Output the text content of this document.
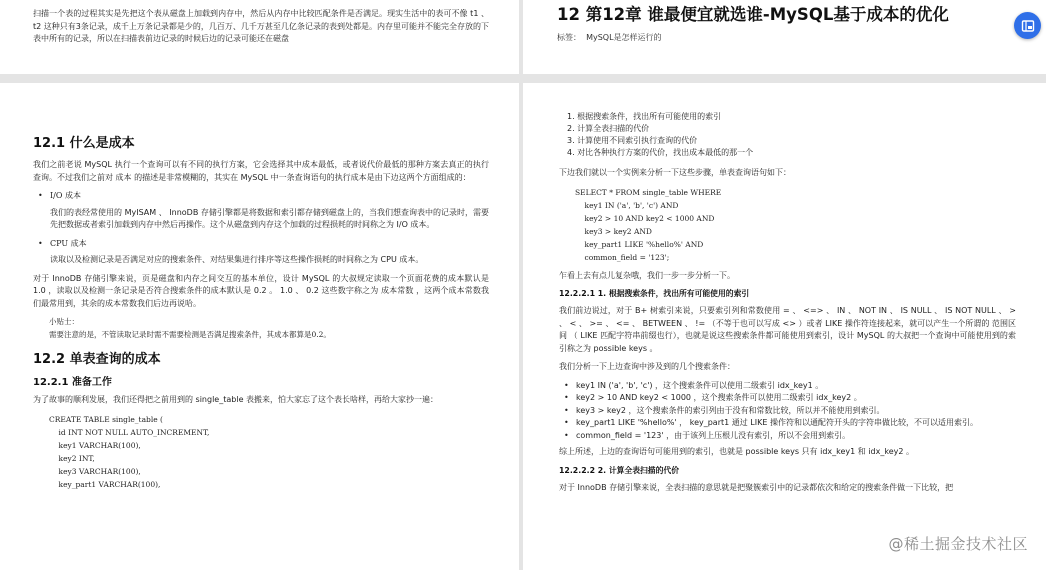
扫描一个表的过程其实是先把这个表从磁盘上加载到内存中，然后从内存中比较匹配条件是否满足。现实生活中的表可不像 t1 、 t2 这种只有3条记录，成千上万条记录都是少的，几百万、几千万甚至几亿条记录的表到处都是。内存里可能并不能完全存放的下表中所有的记录，所以在扫描表前边记录的时候后边的记录可能还在磁盘

12 第12章 谁最便宜就选谁-MySQL基于成本的优化
标签： MySQL是怎样运行的
12.1 什么是成本

我们之前老说 MySQL 执行一个查询可以有不同的执行方案，它会选择其中成本最低，或者说代价最低的那种方案去真正的执行查询。不过我们之前对 成本 的描述是非常模糊的，其实在 MySQL 中一条查询语句的执行成本是由下边这两个方面组成的：

• I/O 成本

我们的表经常使用的 MyISAM 、 InnoDB 存储引擎都是将数据和索引都存储到磁盘上的，当我们想查询表中的记录时，需要先把数据或者索引加载到内存中然后再操作。这个从磁盘到内存这个加载的过程损耗的时间称之为 I/O 成本。

• CPU 成本

读取以及检测记录是否满足对应的搜索条件、对结果集进行排序等这些操作损耗的时间称之为 CPU 成本。

对于 InnoDB 存储引擎来说，页是磁盘和内存之间交互的基本单位，设计 MySQL 的大叔规定读取一个页面花费的成本默认是 1.0 ，读取以及检测一条记录是否符合搜索条件的成本默认是 0.2 。 1.0 、 0.2 这些数字称之为 成本常数 ，这两个成本常数我们最常用到，其余的成本常数我们后边再说哈。

小贴士：
需要注意的是，不管读取记录时需不需要检测是否满足搜索条件，其成本都算是0.2。
12.2 单表查询的成本
12.2.1 准备工作

为了故事的顺利发展，我们还得把之前用到的 single_table 表搬来，怕大家忘了这个表长啥样，再给大家抄一遍：

CREATE TABLE single_table (
id INT NOT NULL AUTO_INCREMENT,
key1 VARCHAR(100),
key2 INT,
key3 VARCHAR(100),
key_part1 VARCHAR(100),
1. 根据搜索条件，找出所有可能使用的索引
2. 计算全表扫描的代价
3. 计算使用不同索引执行查询的代价
4. 对比各种执行方案的代价，找出成本最低的那一个

下边我们就以一个实例来分析一下这些步骤，单表查询语句如下：

SELECT * FROM single_table WHERE
key1 IN ('a', 'b', 'c') AND
key2 > 10 AND key2 < 1000 AND
key3 > key2 AND
key_part1 LIKE '%hello%' AND
common_field = '123';

乍看上去有点儿复杂哦，我们一步一步分析一下。

12.2.2.1 1. 根据搜索条件，找出所有可能使用的索引

我们前边说过，对于 B+ 树索引来说，只要索引列和常数使用 = 、 <=> 、 IN 、 NOT IN 、 IS NULL 、 IS NOT NULL 、 > 、 < 、 >= 、 <= 、 BETWEEN 、 != （不等于也可以写成 <> ）或者 LIKE 操作符连接起来，就可以产生一个所谓的 范围区间 （ LIKE 匹配字符串前缀也行），也就是说这些搜索条件都可能使用到索引，设计 MySQL 的大叔把一个查询中可能使用到的索引称之为 possible keys 。

我们分析一下上边查询中涉及到的几个搜索条件：

• key1 IN ('a', 'b', 'c') ，这个搜索条件可以使用二级索引 idx_key1 。
• key2 > 10 AND key2 < 1000 ，这个搜索条件可以使用二级索引 idx_key2 。
• key3 > key2 ，这个搜索条件的索引列由于没有和常数比较，所以并不能使用到索引。
• key_part1 LIKE '%hello%' ， key_part1 通过 LIKE 操作符和以通配符开头的字符串做比较，不可以适用索引。
• common_field = '123' ，由于该列上压根儿没有索引，所以不会用到索引。

综上所述，上边的查询语句可能用到的索引，也就是 possible keys 只有 idx_key1 和 idx_key2 。

12.2.2.2 2. 计算全表扫描的代价

对于 InnoDB 存储引擎来说，全表扫描的意思就是把聚簇索引中的记录都依次和给定的搜索条件做一下比较，把

@稀土掘金技术社区
